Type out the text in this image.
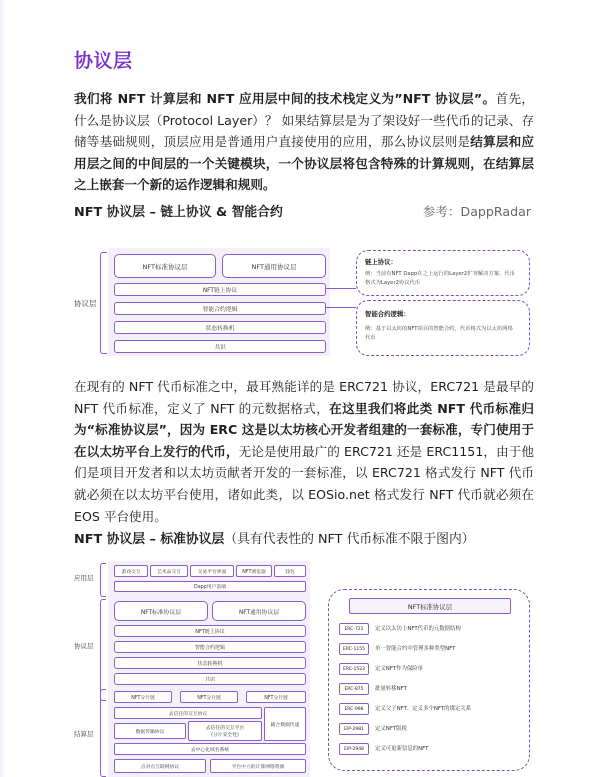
协议层
我们将 NFT 计算层和 NFT 应用层中间的技术栈定义为”NFT 协议层”。首先，什么是协议层（Protocol Layer）？ 如果结算层是为了架设好一些代币的记录、存储等基础规则，顶层应用是普通用户直接使用的应用，那么协议层则是结算层和应用层之间的中间层的一个关键模块，一个协议层将包含特殊的计算规则，在结算层之上嵌套一个新的运作逻辑和规则。
NFT 协议层 – 链上协议 & 智能合约	参考：DappRadar
协议层
NFT标准协议层	NFT通用协议层
NFT链上协议
智能合约逻辑
状态转换机
共识
链上协议：
例：当前有NFT Dapp在之上运行的Layer2扩容解决方案、代币格式为Layer2协议代币
智能合约逻辑：
例：基于以太坊的NFT项目的智能合约，代币格式为以太坊网络代币
在现有的 NFT 代币标准之中，最耳熟能详的是 ERC721 协议，ERC721 是最早的 NFT 代币标准，定义了 NFT 的元数据格式，在这里我们将此类 NFT 代币标准归为“标准协议层”，因为 ERC 这是以太坊核心开发者组建的一套标准，专门使用于在以太坊平台上发行的代币，无论是使用最广的 ERC721 还是 ERC1151，由于他们是项目开发者和以太坊贡献者开发的一套标准，以 ERC721 格式发行 NFT 代币就必须在以太坊平台使用，诸如此类，以 EOSio.net 格式发行 NFT 代币就必须在 EOS 平台使用。
NFT 协议层 – 标准协议层（具有代表性的 NFT 代币标准不限于图内）
应用层
游戏交互	艺术品交互	交易平台界面	NFT浏览器	钱包
Dapp用户前端
协议层
NFT标准协议层	NFT通用协议层
NFT链上协议
智能合约逻辑
状态转换机
共识
结算层
NFT分片链	NFT分片链	NFT分片链
去信任的交互协议
数据传输协议
去信任的交互平台
(分片安全性)
辅合数据传递
去中心化域名系统
点对点互联网协议	平台中立的计算网络资源
NFT标准协议层
ERC-721	定义以太坊上NFT代币的元数据结构
ERC-1155	单一智能合约中管理多种类型NFT
ERC-1523	定义NFT作为保险单
ERC-875	批量转移NFT
ERC-998	定义父子NFT、定义多个NFT的绑定关系
EIP-2981	定义NFT版税
EIP-2948	定义可更新信息的NFT
